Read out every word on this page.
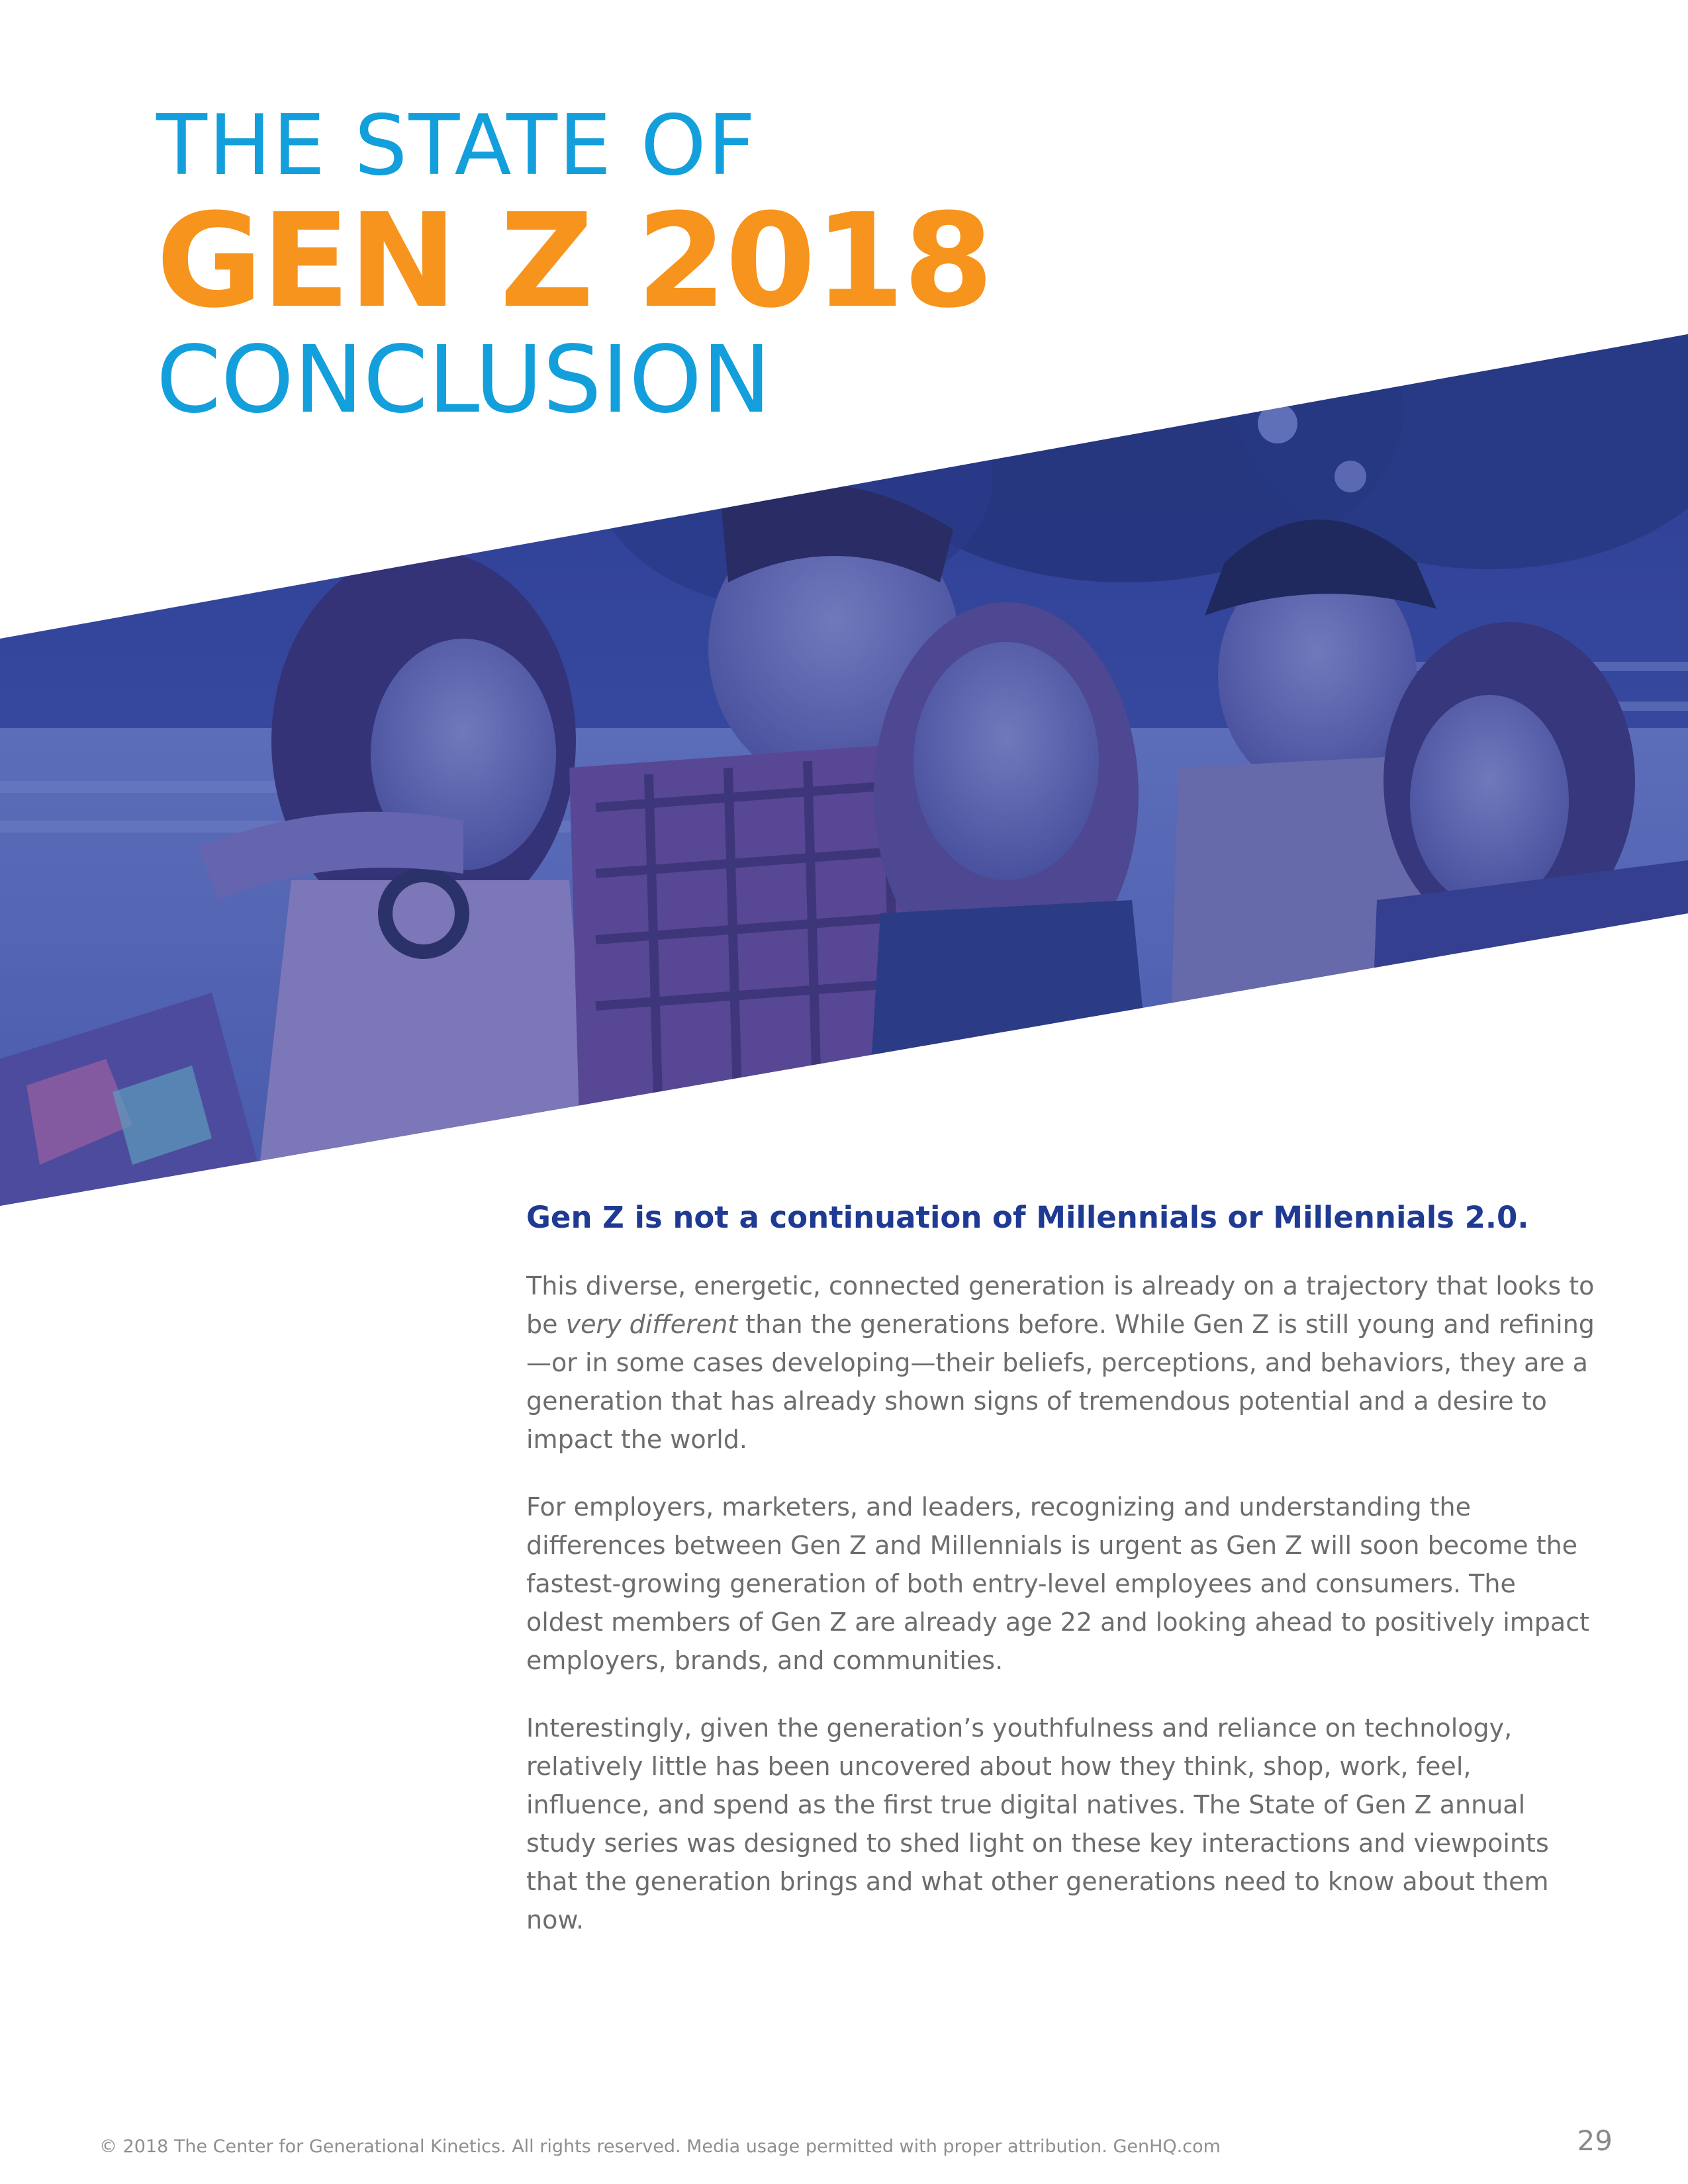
THE STATE OF
GEN Z 2018
CONCLUSION

Gen Z is not a continuation of Millennials or Millennials 2.0.

This diverse, energetic, connected generation is already on a trajectory that looks to be very different than the generations before. While Gen Z is still young and refining—or in some cases developing—their beliefs, perceptions, and behaviors, they are a generation that has already shown signs of tremendous potential and a desire to impact the world.

For employers, marketers, and leaders, recognizing and understanding the differences between Gen Z and Millennials is urgent as Gen Z will soon become the fastest-growing generation of both entry-level employees and consumers. The oldest members of Gen Z are already age 22 and looking ahead to positively impact employers, brands, and communities.

Interestingly, given the generation’s youthfulness and reliance on technology, relatively little has been uncovered about how they think, shop, work, feel, influence, and spend as the first true digital natives. The State of Gen Z annual study series was designed to shed light on these key interactions and viewpoints that the generation brings and what other generations need to know about them now.

© 2018 The Center for Generational Kinetics. All rights reserved. Media usage permitted with proper attribution. GenHQ.com	29
